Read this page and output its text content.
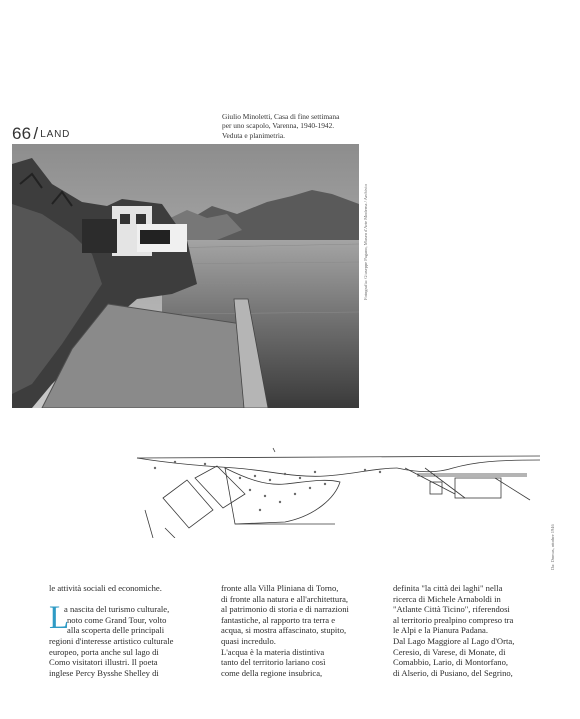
66 / LAND
Giulio Minoletti, Casa di fine settimana
per uno scapolo, Varenna, 1940-1942.
Veduta e planimetria.
Fotografia: Giuseppe Pagano, Museo d'Arte Moderna / Archivio
Da: Domus, ottobre 1946

le attività sociali ed economiche.

L

a nascita del turismo culturale,

noto come Grand Tour, volto

alla scoperta delle principali

regioni d'interesse artistico culturale

europeo, porta anche sul lago di

Como visitatori illustri. Il poeta

inglese Percy Bysshe Shelley di

fronte alla Villa Pliniana di Torno,

di fronte alla natura e all'architettura,

al patrimonio di storia e di narrazioni

fantastiche, al rapporto tra terra e

acqua, si mostra affascinato, stupito,

quasi incredulo.

L'acqua è la materia distintiva

tanto del territorio lariano così

come della regione insubrica,

definita "la città dei laghi" nella

ricerca di Michele Arnaboldi in

"Atlante Città Ticino", riferendosi

al territorio prealpino compreso tra

le Alpi e la Pianura Padana.

Dal Lago Maggiore al Lago d'Orta,

Ceresio, di Varese, di Monate, di

Comabbio, Lario, di Montorfano,

di Alserio, di Pusiano, del Segrino,
